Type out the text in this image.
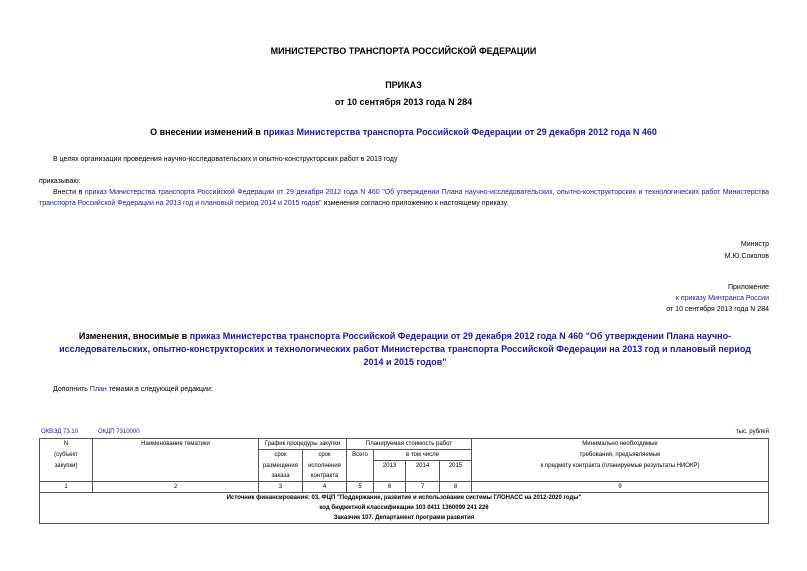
МИНИСТЕРСТВО ТРАНСПОРТА РОССИЙСКОЙ ФЕДЕРАЦИИ
ПРИКАЗ
от 10 сентября 2013 года N 284
О внесении изменений в приказ Министерства транспорта Российской Федерации от 29 декабря 2012 года N 460
В целях организации проведения научно-исследовательских и опытно-конструкторских работ в 2013 году
приказываю:
Внести в приказ Министерства транспорта Российской Федерации от 29 декабря 2012 года N 460 "Об утверждении Плана научно-исследовательских, опытно-конструкторских и технологических работ Министерства транспорта Российской Федерации на 2013 год и плановый период 2014 и 2015 годов" изменения согласно приложению к настоящему приказу.
Министр
М.Ю.Соколов
Приложение
к приказу Минтранса России
от 10 сентября 2013 года N 284
Изменения, вносимые в приказ Министерства транспорта Российской Федерации от 29 декабря 2012 года N 460 "Об утверждении Плана научно-исследовательских, опытно-конструкторских и технологических работ Министерства транспорта Российской Федерации на 2013 год и плановый период 2014 и 2015 годов"
Дополнить План темами в следующей редакции:
ОКВЭД 73.10	ОКДП 7310000	тыс. рублей
N	Наименование тематики	График процедуры закупки		Планируемая стоимость работ				Минимально необходимые
(субъект		срок	срок	Всего	в том числе			требования, предъявляемые
закупки)		размещения	исполнения		2013	2014	2015	к предмету контракта (планируемые результаты НИОКР)
		заказа	контракта					
1	2	3	4	5	6	7	8	9
Источник финансирования: 03. ФЦП "Поддержание, развитие и использование системы ГЛОНАСС на 2012-2020 годы"								
код бюджетной классификации 103 0411 1360099 241 226								
Заказчик 107. Департамент программ развития								
